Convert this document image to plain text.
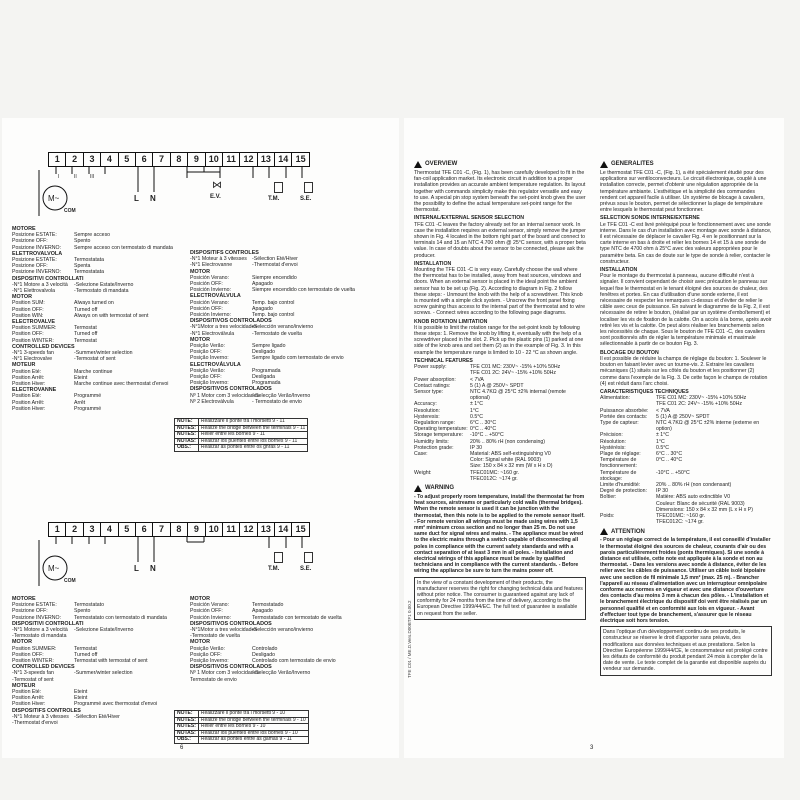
1	2	3	4	5	6	7	8	9	10 11 12 13 14 15
M~
COM
I	II	III
L N	E.V.
⋈
T.M.	S.E.
MOTORE
Posizione ESTATE:	Sempre acceso
Posizione OFF:	Spento
Posizione INVERNO:	Sempre acceso con termostato di mandata
ELETTROVALVOLA
Posizione ESTATE:	Termostatata
Posizione OFF:	Spenta
Posizione INVERNO:	Termostatata
DISPOSITIVI CONTROLLATI
-N°1 Motore a 3 velocità	-Selezione Estate/Inverno
-N°1 Elettrovalvola	-Termostato di mandata
MOTOR
Position SUM:	Always turned on
Position OFF:	Turned off
Position WIN:	Always on with termostat of sent
ELECTROVALVE
Position SUMMER:	Termostat
Position OFF:	Turned off
Position WINTER:	Termostat
CONTROLLED DEVICES
-N°1 3-speeds fan	-Summer/winter selection
-N°1 Electrovalve	-Termostat of sent
MOTEUR
Position Eté:	Marche continue
Position Arrêt:	Eteint
Position Hiver:	Marche continue avec thermostat d'envoi
ELECTROVANNE
Position Eté:	Programmé
Position Arrêt:	Arrêt
Position Hiver:	Programmé
DISPOSITIFS CONTROLES
-N°1 Moteur à 3 vitesses -Sélection Eté/Hiver
-N°1 Electrovanne	-Thermostat d'envoi
MOTOR
Posición Verano:	Siempre encendido
Posición OFF:	Apagado
Posición Invierno:	Siempre encendido con termostato de vuelta
ELECTROVÁLVULA
Posición Verano:	Temp. bajo control
Posición OFF:	Apagado
Posición Invierno:	Temp. bajo control
DISPOSITIVOS CONTROLADOS
-N°1Motor a tres velocidades
-Selección verano/invierno
-N°1 Electroválvula	-Termostato de vuelta
MOTOR
Posição Verão:	Sempre ligado
Posição OFF:	Desligado
Posição Inverno:	Sempre ligado com termostato de envio
ELECTROVÁLVULA
Posição Verão:	Programada
Posição OFF:	Desligada
Posição Inverno:	Programada
DISPOSITIVOS CONTROLADOS
Nº 1 Motor com 3 velocidades
- Selecção Verão/Inverno
Nº 2 Electroválvula	- Termostato de envio
NOTE:	Realizzare il ponte tra i morsetti 9 - 11
NOTES:	Realize the bridge between the terminals 9 - 11
NOTES:	Relier entre les bornes 9 - 11
NOTAS:	Realizar los puentes entre los bornes 9 - 11
OBS.:	Realizar as pontes entre os gnras 9 - 11
1	2	3	4	5	6	7	8	9	10 11 12 13 14 15
M~
COM
L N	T.M.	S.E.
MOTORE
Posizione ESTATE:	Termostatato
Posizione OFF:	Spento
Posizione INVERNO:	Termostatato con termostato di mandata
DISPOSITIVI CONTROLLATI
-N°1 Motore a 3 velocità	-Selezione Estate/Inverno
-Termostato di mandata
MOTOR
Position SUMMER:	Termostat
Position OFF:	Turned off
Position WINTER:	Termostat with termostat of sent
CONTROLLED DEVICES
-N°1 3-speeds fan	-Summer/winter selection
-Termostat of sent
MOTEUR
Position Eté:	Eteint
Position Arrêt:	Eteint
Position Hiver:	Programmé avec thermostat d'envoi
DISPOSITIFS CONTROLES
-N°1 Moteur à 3 vitesses -Sélection Eté/Hiver
-Thermostat d'envoi
MOTOR
Posición Verano:	Termostatado
Posición OFF:	Apagado
Posición Invierno:	Termostatado con termostato de vuelta
DISPOSITIVOS CONTROLADOS
-N°1Motor a tres velocidades
-Selección verano/invierno
-Termostato de vuelta
MOTOR
Posição Verão:	Controlado
Posição OFF:	Desligado
Posição Inverno:	Controlado com termostato de envio
DISPOSITIVOS CONTROLADOS
Nº 1 Motor com 3 velocidades
- Selecção Verão/Inverno
Termostato de envio
NOTE:	Realizzare il ponte tra i morsetti 9 - 10
NOTES:	Realize the bridge between the terminals 9 - 10
NOTES:	Relier entre les bornes 9 - 10
NOTAS:	Realizar los puentes entre los bornes 9 - 10
OBS.:	Realizar as pontes entre as gamas 9 - 11
6
TFE C01 / ME.D.Vers.D00BTF1 0.00.2
OVERVIEW

Thermostat TFE C01 -C, (Fig. 1), has been carefully developed to fit in the fan-coil application market. Its electronic circuit in addition to a proper installation provides an accurate ambient temperature regulation. Its layout together with commands simplicity make this regulator versatile and easy to use. A special pin stop system beneath the set-point knob gives the user the possibility to define the actual temperature set-point range for the thermostat.

INTERNAL/EXTERNAL SENSOR SELECTION

TFE C01 -C leaves the factory already set for an internal sensor work. In case the installation requires an external sensor, simply remove the jumper shown in Fig. 4 located in the bottom right part of the board and connect to terminals 14 and 15 an NTC 4.700 ohm @ 25°C sensor, with a proper beta value. In case of doubts about the sensor to be connected, please ask the producer.

INSTALLATION

Mounting the TFE C01 -C is very easy. Carefully choose the wall where the thermostat has to be installed, away from heat sources, windows and doors. When an external sensor is placed in the ideal point the ambient sensor has to be set up (Fig. 2). According to diagram in Fig. 2 follow these steps: - Unmount the knob with the help of a screwdriver. This knob is mounted with a simple click system. - Unscrew the front panel fixing screw gaining thus access to the internal part of the thermostat and to wire screws. - Connect wires according to the following page diagrams.

KNOB ROTATION LIMITATION

It is possible to limit the rotation range for the set-point knob by following these steps: 1. Remove the knob by lifting it, eventually with the help of a screwdriver placed in the slot. 2. Pick up the plastic pins (1) parked at one side of the knob area and set them (2) as in the example of Fig. 3. In this example the temperature range is limited to 10 - 22 °C as shown angle.

TECHNICAL FEATURES
Power supply:	TFE C01 MC: 230V~ -15% +10% 50Hz
TFE C01 2C: 24V~ -15% +10% 50Hz
Power absorption:	< 7VA
Contact ratings:	5 (1) A @ 250V~ SPDT
Sensor type:	NTC 4.7KΩ @ 25°C ±2% internal (remote optional)
Accuracy:	± 1°C
Resolution:	1°C
Hysteresis:	0.5°C
Regulation range:	6°C .. 30°C
Operating temperature: 0°C .. 40°C
Storage temperature:	-10°C .. +50°C
Humidity limits:	20% .. 80% rH (non condensing)
Protection grade:	IP 30
Case:	Material: ABS self-extinguishing V0
Color: Signal white (RAL 9003)
Size: 150 x 84 x 32 mm (W x H x D)
Weight:	TFEC01MC: ~160 gr.
TFEC012C: ~174 gr.
WARNING

- To adjust properly room temperature, install the thermostat far from heat sources, airstreams or particularly cold walls (thermal bridges). When the remote sensor is used it can be junction with the thermostat, then this note is to be applied to the remote sensor itself. - For remote version all wirings must be made using wires with 1,5 mm² minimum cross section and no longer than 25 m. Do not use same duct for signal wires and mains. - The appliance must be wired to the electric mains through a switch capable of disconnecting all poles in compliance with the current safety standards and with a contact separation of at least 3 mm in all poles. - Installation and electrical wirings of this appliance must be made by qualified technicians and in compliance with the current standards. - Before wiring the appliance be sure to turn the mains power off.

In the view of a constant development of their products, the manufacturer reserves the right for changing technical data and features without prior notice. The consumer is guaranteed against any lack of conformity for 24 months from the time of delivery, according to the European Directive 1999/44/EC. The full text of guarantee is available on request from the seller.
GENERALITES

Le thermostat TFE C01 -C, (Fig. 1), a été spécialement étudié pour des applications sur ventiloconvecteurs. Le circuit électronique, couplé à une installation correcte, permet d'obtenir une régulation appropriée de la température ambiante. L'esthétique et la simplicité des commandes rendent cet appareil facile à utiliser. Un système de blocage à cavaliers, prévus sous le bouton, permet de sélectionner la plage de température entre lesquels le thermostat peut fonctionner.

SELECTION SONDE INTERNE/EXTERNE

Le TFE C01 -C est livré prééquipé pour le fonctionnement avec une sonde interne. Dans le cas d'un installation avec montage avec sonde à distance, il est nécessaire de déplacer le cavalier Fig. 4 en le positionnant sur la carte interne en bas à droite et relier les bornes 14 et 15 à une sonde de type NTC de 4700 ohm à 25°C avec des valeurs appropriées pour le paramètre beta. En cas de doute sur le type de sonde à relier, contacter le constructeur.

INSTALLATION

Pour le montage du thermostat à panneau, aucune difficulté n'est à signaler. Il convient cependant de choisir avec précaution le panneau sur lequel fixe le thermostat en le tenant éloigné des sources de chaleur, des fenêtres et portes. En cas d'utilisation d'une sonde externe, il est nécessaire de respecter les remarques ci-dessus et d'éviter de relier le câble avec ceux de puissance. En suivant le diagramme de la Fig. 2, il est nécessaire de retirer le bouton, (réalisé par un système d'emboîtement) et localiser les vis de fixation de la calotte. On a accès à la borne, après avoir retiré les vis et la calotte. On peut alors réaliser les branchements selon les nécessités de chaque. Sous le bouton de TFE C01 -C, des cavaliers sont positionnés afin de régler la température minimale et maximale sélectionnable à partir de ce bouton Fig. 3.

BLOCAGE DU BOUTON

Il est possible de réduire la champs de réglage du bouton: 1. Soulever le bouton en faisant levier avec un tourne-vis. 2. Extraire les cavaliers mécaniques (1) situés sur les côtés du bouton et les positionner (2) comme dans l'exemple de la Fig. 3. De cette façon le champs de rotation (4) est réduit dans l'arc choisi.

CARACTERISTIQUES TECHNIQUES
Alimentation:	TFE C01 MC: 230V~ -15% +10% 50Hz
TFE C01 2C: 24V~ -15% +10% 50Hz
Puissance absorbée:	< 7VA
Portée des contacts:	5 (1) A @ 250V~ SPDT
Type de capteur:	NTC 4.7KΩ @ 25°C ±2% interne (externe en option)
Précision:	± 1°C
Résolution:	1°C
Hystérésis:	0.5°C
Plage de réglage:	6°C .. 30°C
Température de fonctionnement:
0°C .. 40°C
Température de stockage:
-10°C .. +50°C
Limite d'humidité:	20% .. 80% rH (non condensant)
Degré de protection:	IP 30
Boîtier:	Matière: ABS auto extinctible V0
Couleur: Blanc de sécurité (RAL 9003)
Dimensions: 150 x 84 x 32 mm (L x H x P)
Poids:	TFEC01MC: ~160 gr.
TFEC012C: ~174 gr.
ATTENTION

- Pour un réglage correct de la température, il est conseillé d'installer le thermostat éloigné des sources de chaleur, courants d'air ou des parois particulièrement froides (ponts thermiques). Si une sonde à distance est utilisée, cette note est appliquée à la sonde et non au thermostat. - Dans les versions avec sonde à distance, éviter de les relier avec les câbles de puissance. Utiliser un câble isolé bipolaire avec une section de fil minimale 1,5 mm² (max. 25 m). - Brancher l'appareil au réseau d'alimentation avec un interrupteur omnipolaire conforme aux normes en vigueur et avec une distance d'ouverture des contacts d'au moins 3 mm à chacun des pôles. - L'installation et le branchement électrique du dispositif doi vent être réalisés par un personnel qualifié et en conformité aux lois en vigueur. - Avant d'effectuer tout type de branchement, s'assurer que le réseau électrique soit hors tension.

Dans l'optique d'un développement continu de ses produits, le constructeur se réserve le droit d'apporter sans préavis, des modifications aux données techniques et aux prestations. Selon la Directive Européenne 1999/44/CE, le consommateur est protégé contre les défauts de conformité du produit pendant 24 mois à compter de la date de vente. Le texte complet de la garantie est disponible auprès du vendeur sur demande.
3
